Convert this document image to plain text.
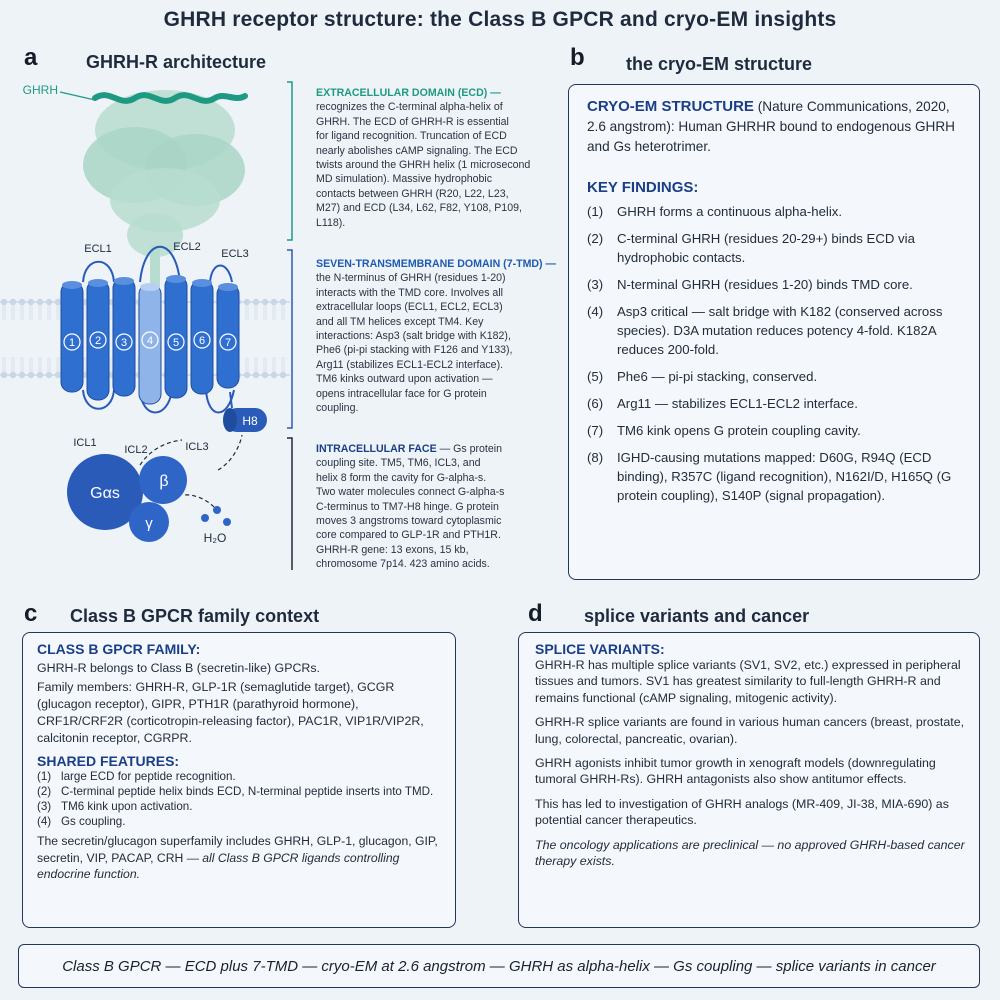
GHRH receptor structure: the Class B GPCR and cryo-EM insights
a	GHRH-R architecture
GHRH
ECL1	ECL2
ECL3
1 2 3 4 5 6 7
H8
ICL1
ICL2	ICL3
Gαs
β
γ
H₂O
EXTRACELLULAR DOMAIN (ECD) —
recognizes the C-terminal alpha-helix of
GHRH. The ECD of GHRH-R is essential
for ligand recognition. Truncation of ECD
nearly abolishes cAMP signaling. The ECD
twists around the GHRH helix (1 microsecond
MD simulation). Massive hydrophobic
contacts between GHRH (R20, L22, L23,
M27) and ECD (L34, L62, F82, Y108, P109,
L118).
SEVEN-TRANSMEMBRANE DOMAIN (7-TMD) —
the N-terminus of GHRH (residues 1-20)
interacts with the TMD core. Involves all
extracellular loops (ECL1, ECL2, ECL3)
and all TM helices except TM4. Key
interactions: Asp3 (salt bridge with K182),
Phe6 (pi-pi stacking with F126 and Y133),
Arg11 (stabilizes ECL1-ECL2 interface).
TM6 kinks outward upon activation —
opens intracellular face for G protein
coupling.
INTRACELLULAR FACE — Gs protein
coupling site. TM5, TM6, ICL3, and
helix 8 form the cavity for G-alpha-s.
Two water molecules connect G-alpha-s
C-terminus to TM7-H8 hinge. G protein
moves 3 angstroms toward cytoplasmic
core compared to GLP-1R and PTH1R.
GHRH-R gene: 13 exons, 15 kb,
chromosome 7p14. 423 amino acids.
b the cryo-EM structure
CRYO-EM STRUCTURE (Nature Communications, 2020, 2.6 angstrom): Human GHRHR bound to endogenous GHRH and Gs heterotrimer.
KEY FINDINGS:
(1) GHRH forms a continuous alpha-helix.
(2) C-terminal GHRH (residues 20-29+) binds ECD via hydrophobic contacts.
(3) N-terminal GHRH (residues 1-20) binds TMD core.
(4) Asp3 critical — salt bridge with K182 (conserved across species). D3A mutation reduces potency 4-fold. K182A reduces 200-fold.
(5) Phe6 — pi-pi stacking, conserved.
(6) Arg11 — stabilizes ECL1-ECL2 interface.
(7) TM6 kink opens G protein coupling cavity.
(8) IGHD-causing mutations mapped: D60G, R94Q (ECD binding), R357C (ligand recognition), N162I/D, H165Q (G protein coupling), S140P (signal propagation).
c Class B GPCR family context
CLASS B GPCR FAMILY:
GHRH-R belongs to Class B (secretin-like) GPCRs.
Family members: GHRH-R, GLP-1R (semaglutide target), GCGR (glucagon receptor), GIPR, PTH1R (parathyroid hormone), CRF1R/CRF2R (corticotropin-releasing factor), PAC1R, VIP1R/VIP2R, calcitonin receptor, CGRPR.
SHARED FEATURES:
(1) large ECD for peptide recognition.
(2) C-terminal peptide helix binds ECD, N-terminal peptide inserts into TMD.
(3) TM6 kink upon activation.
(4) Gs coupling.
The secretin/glucagon superfamily includes GHRH, GLP-1, glucagon, GIP, secretin, VIP, PACAP, CRH — all Class B GPCR ligands controlling endocrine function.
d splice variants and cancer
SPLICE VARIANTS:
GHRH-R has multiple splice variants (SV1, SV2, etc.) expressed in peripheral tissues and tumors. SV1 has greatest similarity to full-length GHRH-R and remains functional (cAMP signaling, mitogenic activity).
GHRH-R splice variants are found in various human cancers (breast, prostate, lung, colorectal, pancreatic, ovarian).
GHRH agonists inhibit tumor growth in xenograft models (downregulating tumoral GHRH-Rs). GHRH antagonists also show antitumor effects.
This has led to investigation of GHRH analogs (MR-409, JI-38, MIA-690) as potential cancer therapeutics.
The oncology applications are preclinical — no approved GHRH-based cancer therapy exists.
Class B GPCR — ECD plus 7-TMD — cryo-EM at 2.6 angstrom — GHRH as alpha-helix — Gs coupling — splice variants in cancer
